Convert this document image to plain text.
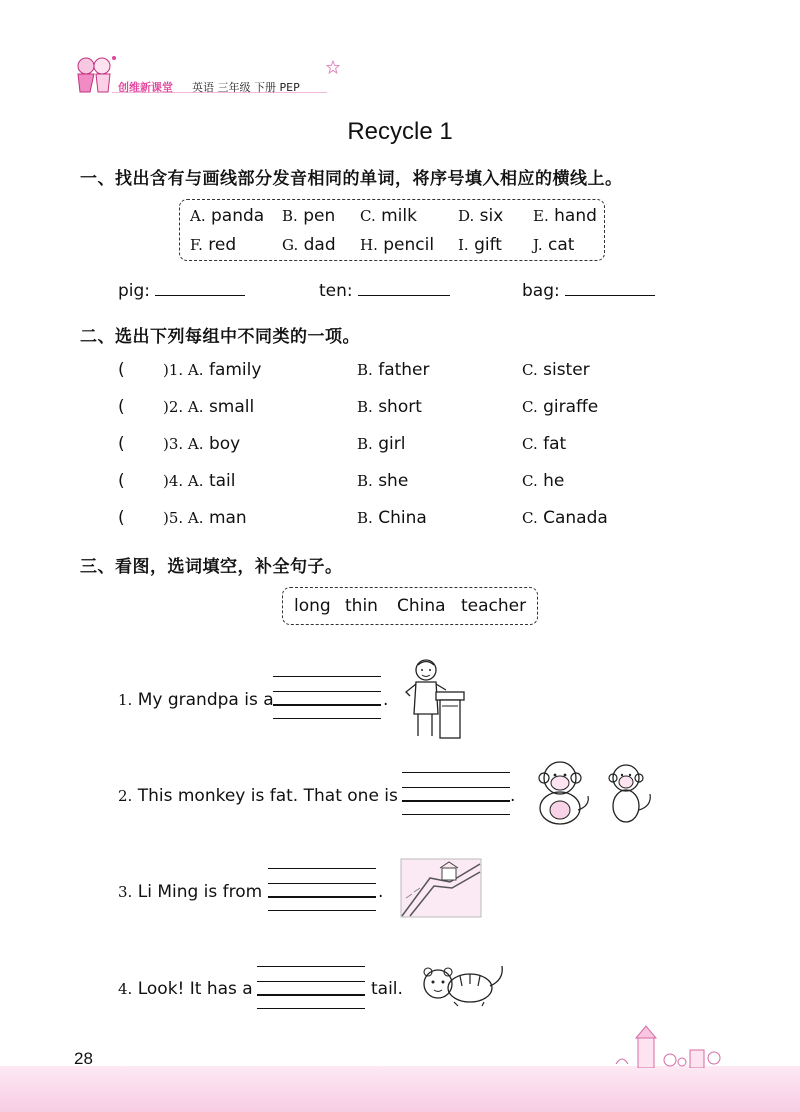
创维新课堂 英语 三年级 下册 PEP
Recycle 1
一、找出含有与画线部分发音相同的单词，将序号填入相应的横线上。
A. panda B. pen C. milk	D. six E. hand
F. red	G. dad H. pencil I. gift J. cat
pig:	ten:	bag:
二、选出下列每组中不同类的一项。
(	)1. A. family	B. father	C. sister
(	)2. A. small	B. short	C. giraffe
(	)3. A. boy	B. girl	C. fat
(	)4. A. tail	B. she	C. he
(	)5. A. man	B. China	C. Canada
三、看图，选词填空，补全句子。
long thin China teacher
1. My grandpa is a	.
2. This monkey is fat. That one is	.
3. Li Ming is from	.
4. Look! It has a	tail.
28
